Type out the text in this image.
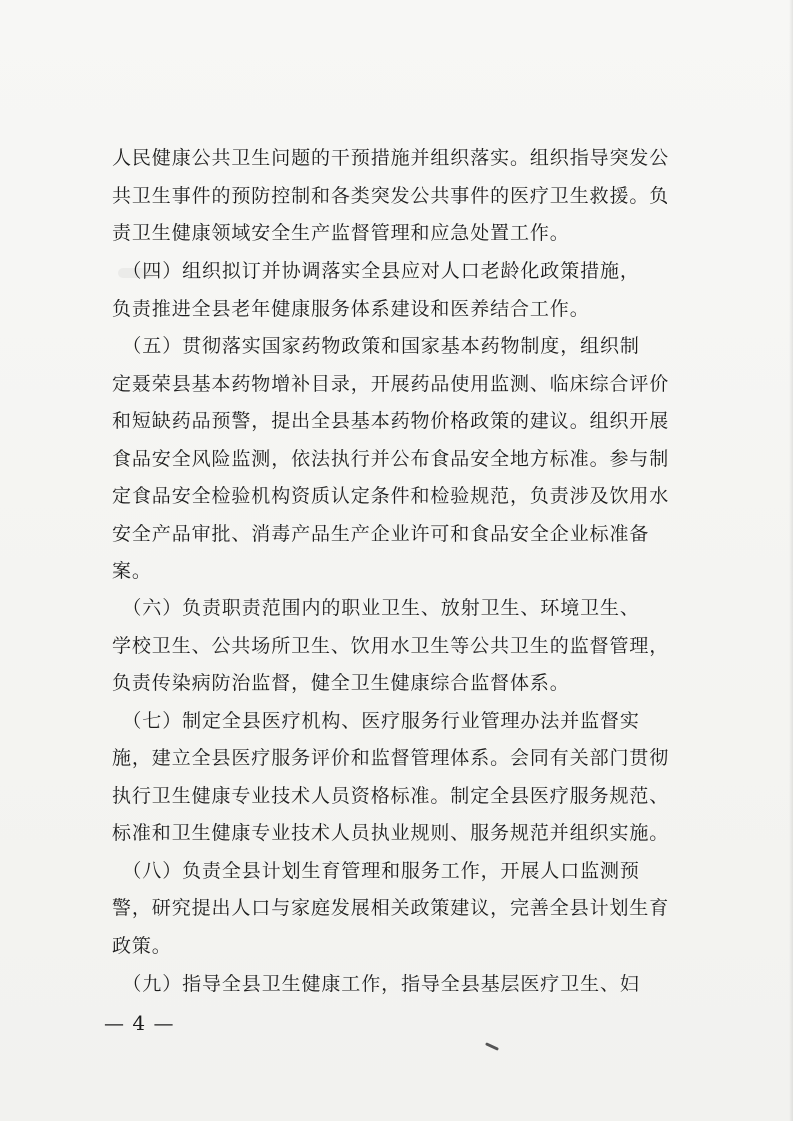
人民健康公共卫生问题的干预措施并组织落实。组织指导突发公
共卫生事件的预防控制和各类突发公共事件的医疗卫生救援。负
责卫生健康领域安全生产监督管理和应急处置工作。
　（四）组织拟订并协调落实全县应对人口老龄化政策措施，
负责推进全县老年健康服务体系建设和医养结合工作。
　（五）贯彻落实国家药物政策和国家基本药物制度，组织制
定聂荣县基本药物增补目录，开展药品使用监测、临床综合评价
和短缺药品预警，提出全县基本药物价格政策的建议。组织开展
食品安全风险监测，依法执行并公布食品安全地方标准。参与制
定食品安全检验机构资质认定条件和检验规范，负责涉及饮用水
安全产品审批、消毒产品生产企业许可和食品安全企业标准备
案。
　（六）负责职责范围内的职业卫生、放射卫生、环境卫生、
学校卫生、公共场所卫生、饮用水卫生等公共卫生的监督管理，
负责传染病防治监督，健全卫生健康综合监督体系。
　（七）制定全县医疗机构、医疗服务行业管理办法并监督实
施，建立全县医疗服务评价和监督管理体系。会同有关部门贯彻
执行卫生健康专业技术人员资格标准。制定全县医疗服务规范、
标准和卫生健康专业技术人员执业规则、服务规范并组织实施。
　（八）负责全县计划生育管理和服务工作，开展人口监测预
警，研究提出人口与家庭发展相关政策建议，完善全县计划生育
政策。
　（九）指导全县卫生健康工作，指导全县基层医疗卫生、妇
— 4 —
